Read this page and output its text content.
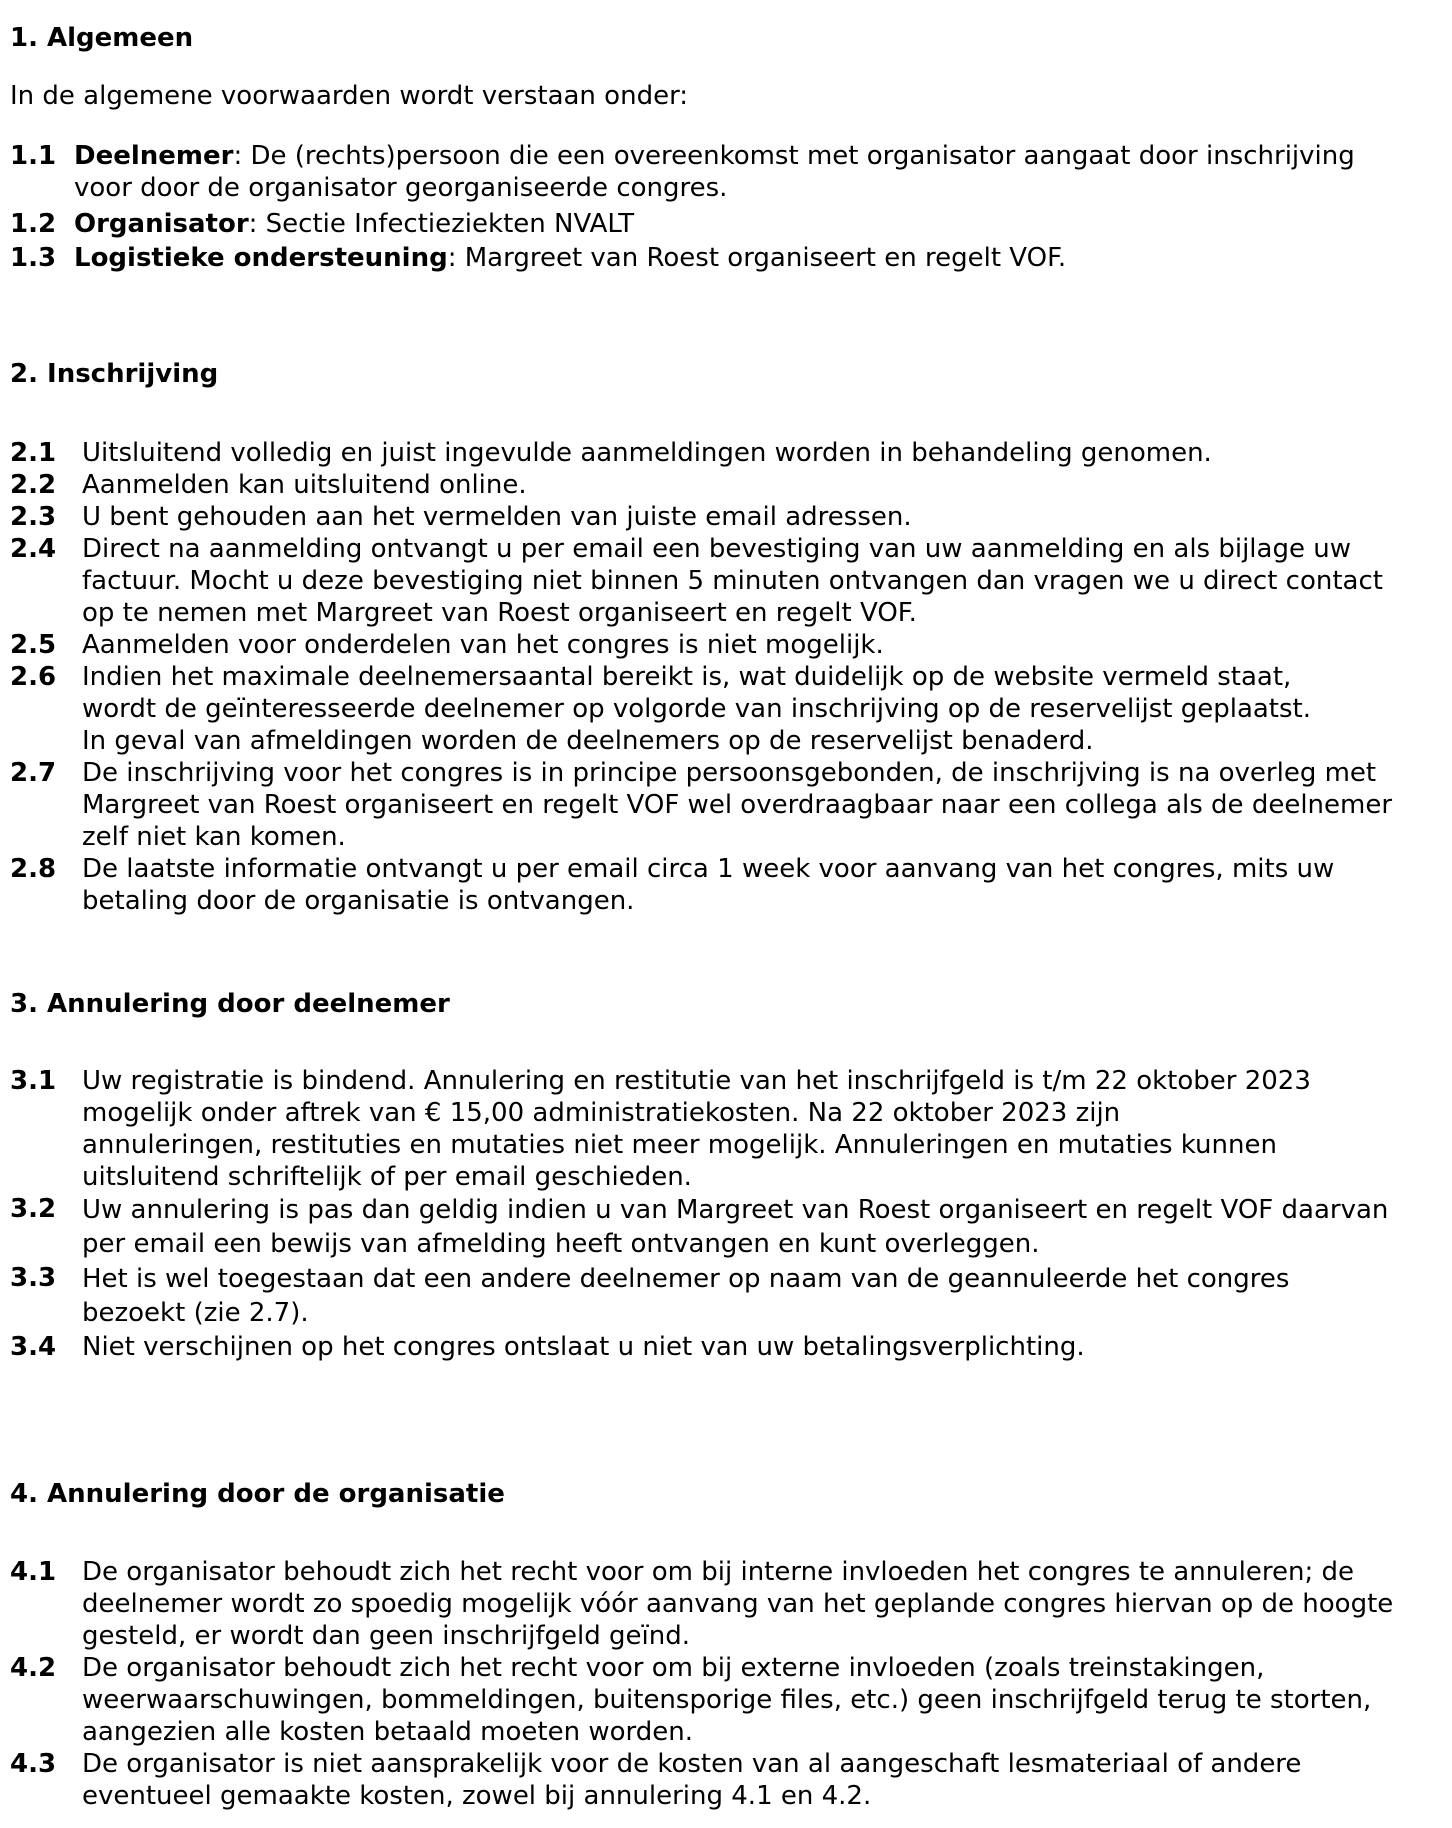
1. Algemeen

In de algemene voorwaarden wordt verstaan onder:

1.1 Deelnemer: De (rechts)persoon die een overeenkomst met organisator aangaat door inschrijving
voor door de organisator georganiseerde congres.

1.2 Organisator: Sectie Infectieziekten NVALT

1.3 Logistieke ondersteuning: Margreet van Roest organiseert en regelt VOF.

2. Inschrijving
2.1 Uitsluitend volledig en juist ingevulde aanmeldingen worden in behandeling genomen.

2.2 Aanmelden kan uitsluitend online.

2.3 U bent gehouden aan het vermelden van juiste email adressen.

2.4 Direct na aanmelding ontvangt u per email een bevestiging van uw aanmelding en als bijlage uw
factuur. Mocht u deze bevestiging niet binnen 5 minuten ontvangen dan vragen we u direct contact
op te nemen met Margreet van Roest organiseert en regelt VOF.

2.5 Aanmelden voor onderdelen van het congres is niet mogelijk.

2.6 Indien het maximale deelnemersaantal bereikt is, wat duidelijk op de website vermeld staat,
wordt de geïnteresseerde deelnemer op volgorde van inschrijving op de reservelijst geplaatst.
In geval van afmeldingen worden de deelnemers op de reservelijst benaderd.

2.7 De inschrijving voor het congres is in principe persoonsgebonden, de inschrijving is na overleg met
Margreet van Roest organiseert en regelt VOF wel overdraagbaar naar een collega als de deelnemer
zelf niet kan komen.

2.8 De laatste informatie ontvangt u per email circa 1 week voor aanvang van het congres, mits uw
betaling door de organisatie is ontvangen.

3. Annulering door deelnemer
3.1 Uw registratie is bindend. Annulering en restitutie van het inschrijfgeld is t/m 22 oktober 2023
mogelijk onder aftrek van € 15,00 administratiekosten. Na 22 oktober 2023 zijn
annuleringen, restituties en mutaties niet meer mogelijk. Annuleringen en mutaties kunnen
uitsluitend schriftelijk of per email geschieden.

3.2 Uw annulering is pas dan geldig indien u van Margreet van Roest organiseert en regelt VOF daarvan
per email een bewijs van afmelding heeft ontvangen en kunt overleggen.

3.3 Het is wel toegestaan dat een andere deelnemer op naam van de geannuleerde het congres
bezoekt (zie 2.7).

3.4 Niet verschijnen op het congres ontslaat u niet van uw betalingsverplichting.

4. Annulering door de organisatie
4.1 De organisator behoudt zich het recht voor om bij interne invloeden het congres te annuleren; de
deelnemer wordt zo spoedig mogelijk vóór aanvang van het geplande congres hiervan op de hoogte
gesteld, er wordt dan geen inschrijfgeld geïnd.

4.2 De organisator behoudt zich het recht voor om bij externe invloeden (zoals treinstakingen,
weerwaarschuwingen, bommeldingen, buitensporige files, etc.) geen inschrijfgeld terug te storten,
aangezien alle kosten betaald moeten worden.

4.3 De organisator is niet aansprakelijk voor de kosten van al aangeschaft lesmateriaal of andere
eventueel gemaakte kosten, zowel bij annulering 4.1 en 4.2.
